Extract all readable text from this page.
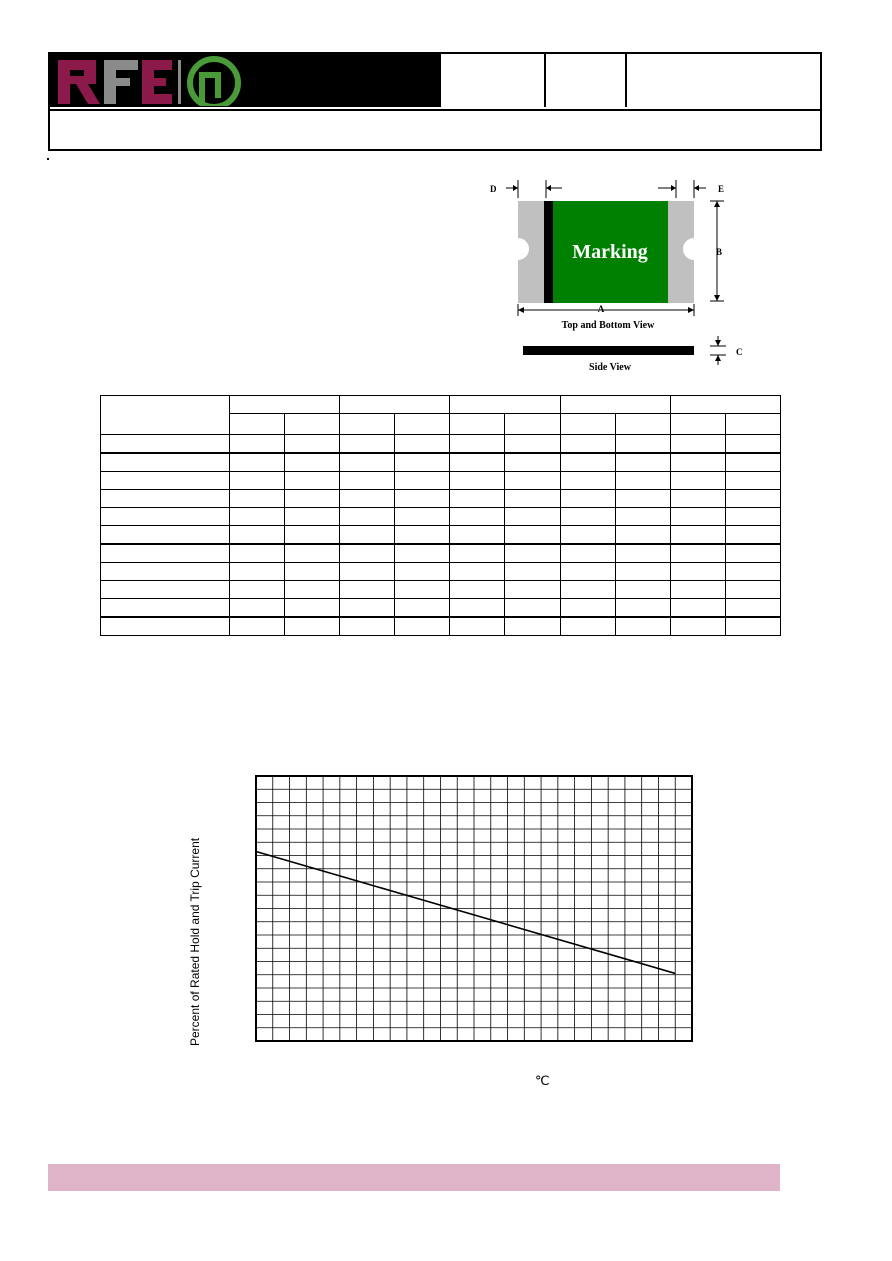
D	E
Marking	B
A
Top and Bottom View
Side View
C

Percent of Rated Hold and Trip Current
℃
